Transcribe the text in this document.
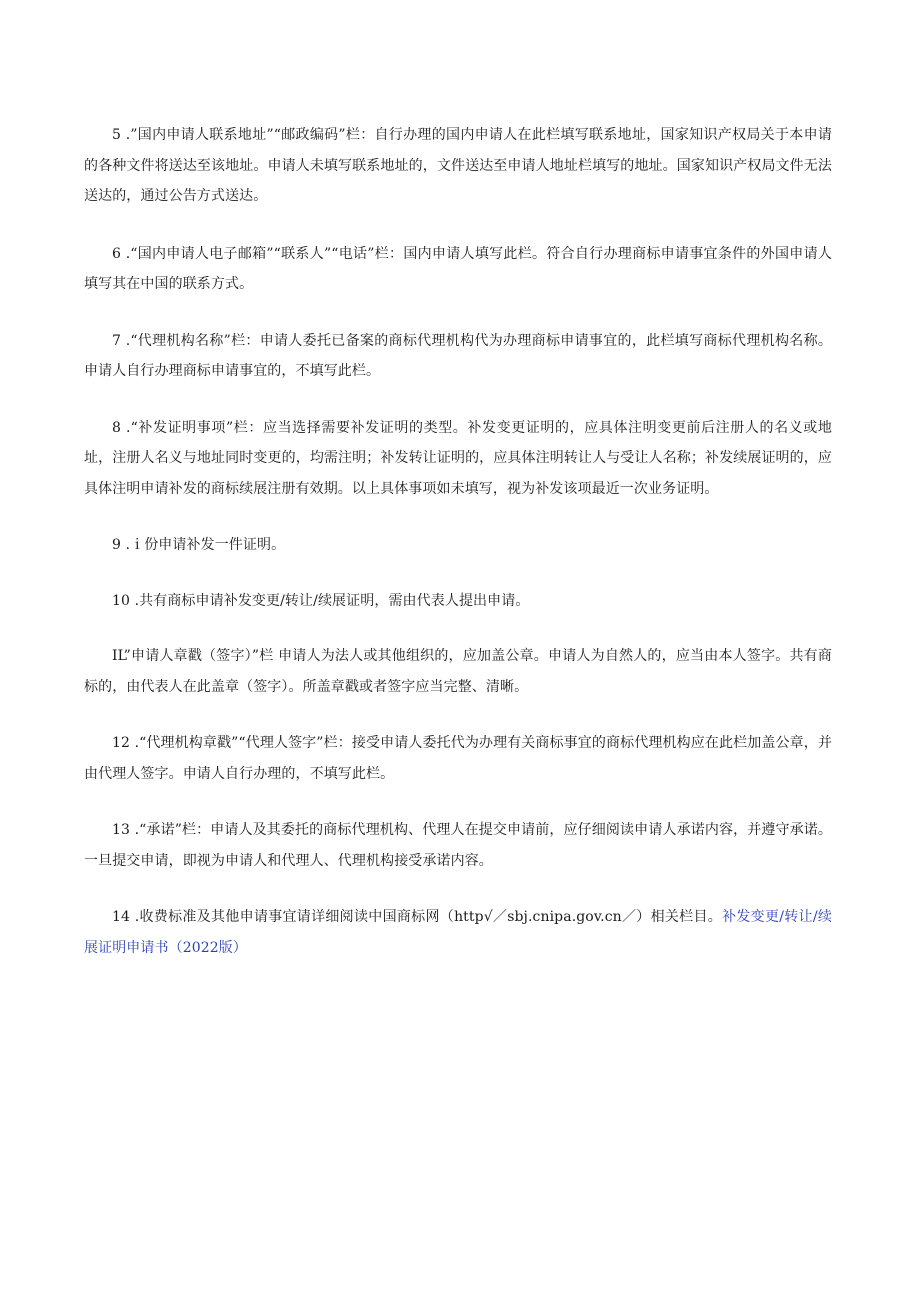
5 .”国内申请人联系地址”“邮政编码”栏：自行办理的国内申请人在此栏填写联系地址，国家知识产权局关于本申请的各种文件将送达至该地址。申请人未填写联系地址的，文件送达至申请人地址栏填写的地址。国家知识产权局文件无法送达的，通过公告方式送达。

6 .“国内申请人电子邮箱”“联系人”“电话”栏：国内申请人填写此栏。符合自行办理商标申请事宜条件的外国申请人填写其在中国的联系方式。

7 .“代理机构名称”栏：申请人委托已备案的商标代理机构代为办理商标申请事宜的，此栏填写商标代理机构名称。申请人自行办理商标申请事宜的，不填写此栏。

8 .“补发证明事项”栏：应当选择需要补发证明的类型。补发变更证明的，应具体注明变更前后注册人的名义或地址，注册人名义与地址同时变更的，均需注明；补发转让证明的，应具体注明转让人与受让人名称；补发续展证明的，应具体注明申请补发的商标续展注册有效期。以上具体事项如未填写，视为补发该项最近一次业务证明。

9 .ｉ份申请补发一件证明。

10 .共有商标申请补发变更/转让/续展证明，需由代表人提出申请。

IL”申请人章戳（签字）”栏 申请人为法人或其他组织的，应加盖公章。申请人为自然人的，应当由本人签字。共有商标的，由代表人在此盖章（签字）。所盖章戳或者签字应当完整、清晰。

12 .“代理机构章戳”“代理人签字”栏：接受申请人委托代为办理有关商标事宜的商标代理机构应在此栏加盖公章，并由代理人签字。申请人自行办理的，不填写此栏。

13 .“承诺”栏：申请人及其委托的商标代理机构、代理人在提交申请前，应仔细阅读申请人承诺内容，并遵守承诺。一旦提交申请，即视为申请人和代理人、代理机构接受承诺内容。

14 .收费标准及其他申请事宜请详细阅读中国商标网（http√／sbj.cnipa.gov.cn／）相关栏目。补发变更/转让/续展证明申请书（2022版）
